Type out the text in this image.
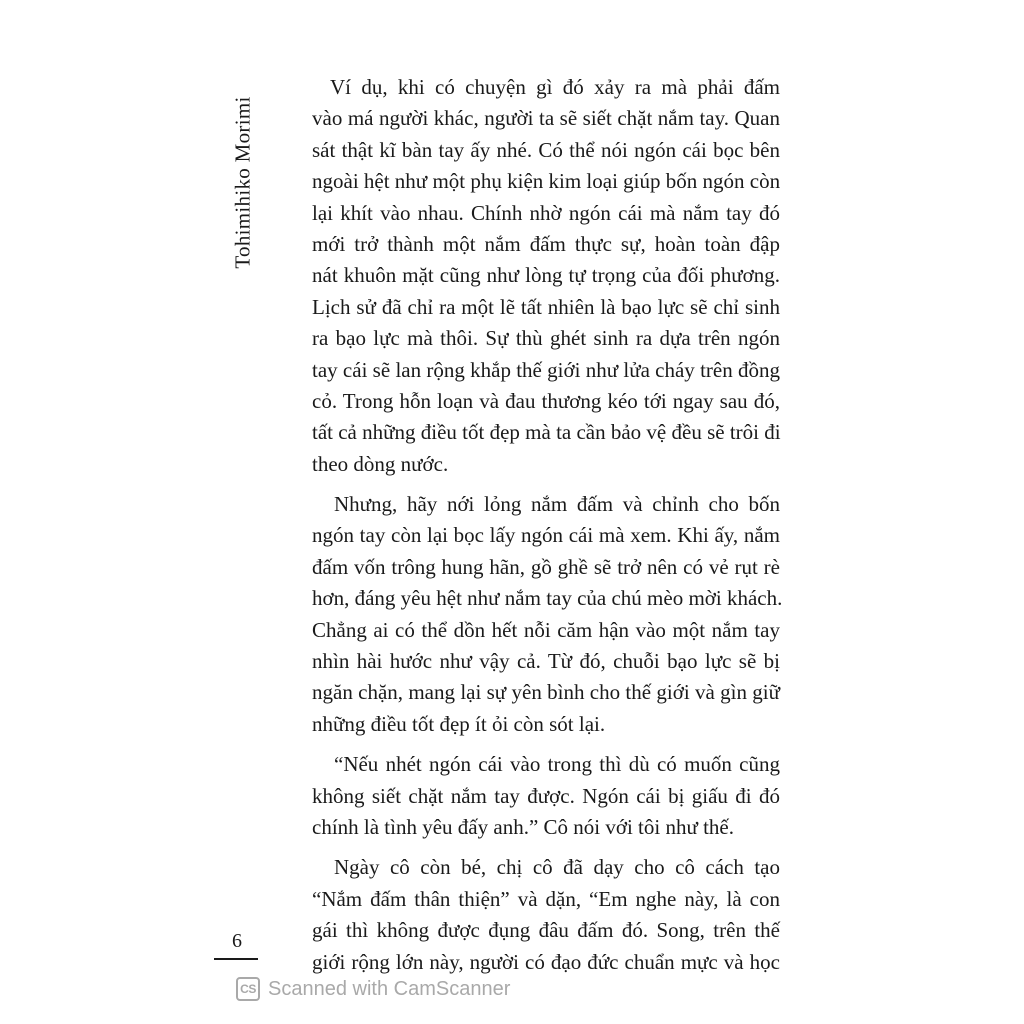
Tohimihiko Morimi

Ví dụ, khi có chuyện gì đó xảy ra mà phải đấm
vào má người khác, người ta sẽ siết chặt nắm tay. Quan
sát thật kĩ bàn tay ấy nhé. Có thể nói ngón cái bọc bên
ngoài hệt như một phụ kiện kim loại giúp bốn ngón còn
lại khít vào nhau. Chính nhờ ngón cái mà nắm tay đó
mới trở thành một nắm đấm thực sự, hoàn toàn đập
nát khuôn mặt cũng như lòng tự trọng của đối phương.
Lịch sử đã chỉ ra một lẽ tất nhiên là bạo lực sẽ chỉ sinh
ra bạo lực mà thôi. Sự thù ghét sinh ra dựa trên ngón
tay cái sẽ lan rộng khắp thế giới như lửa cháy trên đồng
cỏ. Trong hỗn loạn và đau thương kéo tới ngay sau đó,
tất cả những điều tốt đẹp mà ta cần bảo vệ đều sẽ trôi đi
theo dòng nước.

Nhưng, hãy nới lỏng nắm đấm và chỉnh cho bốn
ngón tay còn lại bọc lấy ngón cái mà xem. Khi ấy, nắm
đấm vốn trông hung hãn, gồ ghề sẽ trở nên có vẻ rụt rè
hơn, đáng yêu hệt như nắm tay của chú mèo mời khách.
Chẳng ai có thể dồn hết nỗi căm hận vào một nắm tay
nhìn hài hước như vậy cả. Từ đó, chuỗi bạo lực sẽ bị
ngăn chặn, mang lại sự yên bình cho thế giới và gìn giữ
những điều tốt đẹp ít ỏi còn sót lại.

“Nếu nhét ngón cái vào trong thì dù có muốn cũng
không siết chặt nắm tay được. Ngón cái bị giấu đi đó
chính là tình yêu đấy anh.” Cô nói với tôi như thế.

Ngày cô còn bé, chị cô đã dạy cho cô cách tạo
“Nắm đấm thân thiện” và dặn, “Em nghe này, là con
gái thì không được đụng đâu đấm đó. Song, trên thế
giới rộng lớn này, người có đạo đức chuẩn mực và học

6
CS Scanned with CamScanner
